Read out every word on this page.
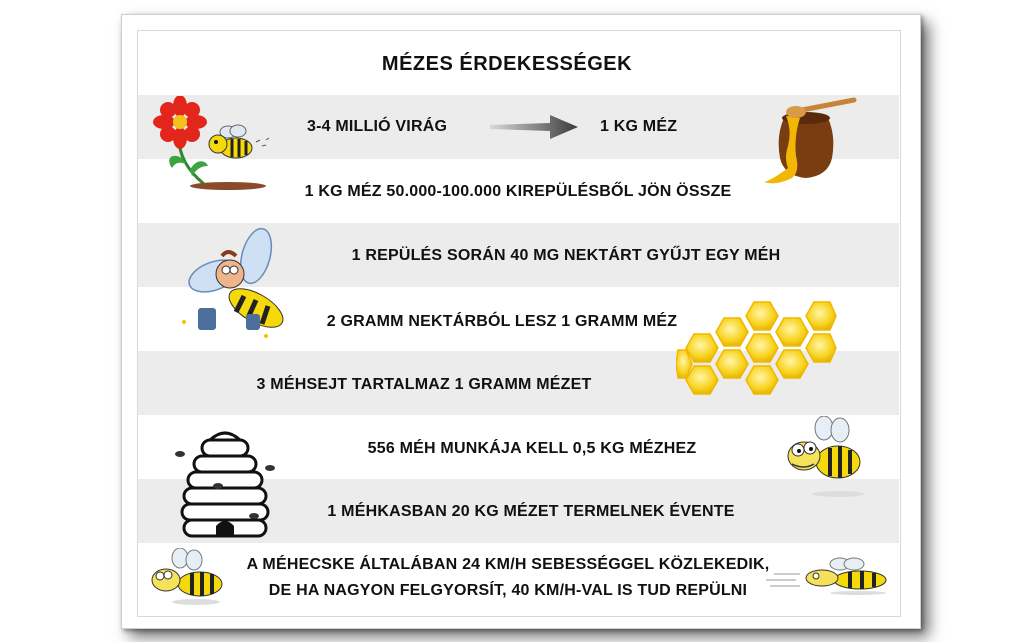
MÉZES ÉRDEKESSÉGEK
3-4 MILLIÓ VIRÁG	1 KG MÉZ
1 KG MÉZ 50.000-100.000 KIREPÜLÉSBŐL JÖN ÖSSZE
1 REPÜLÉS SORÁN 40 MG NEKTÁRT GYŰJT EGY MÉH
2 GRAMM NEKTÁRBÓL LESZ 1 GRAMM MÉZ
3 MÉHSEJT TARTALMAZ 1 GRAMM MÉZET
556 MÉH MUNKÁJA KELL 0,5 KG MÉZHEZ
1 MÉHKASBAN 20 KG MÉZET TERMELNEK ÉVENTE
A MÉHECSKE ÁLTALÁBAN 24 KM/H SEBESSÉGGEL KÖZLEKEDIK,
DE HA NAGYON FELGYORSÍT, 40 KM/H-VAL IS TUD REPÜLNI
